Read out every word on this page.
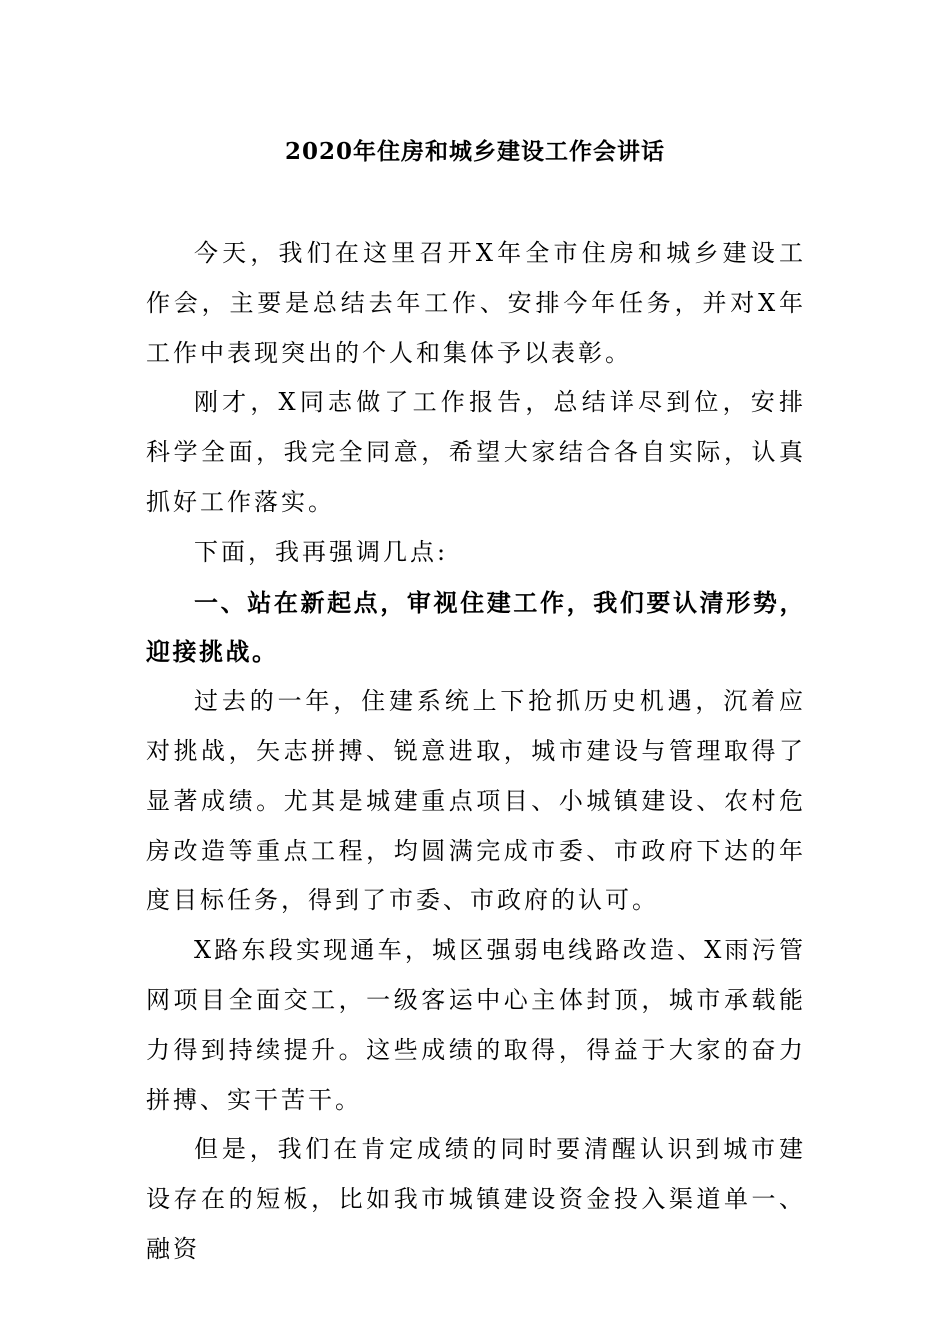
2020年住房和城乡建设工作会讲话

今天，我们在这里召开X年全市住房和城乡建设工作会，主要是总结去年工作、安排今年任务，并对X年工作中表现突出的个人和集体予以表彰。

刚才，X同志做了工作报告，总结详尽到位，安排科学全面，我完全同意，希望大家结合各自实际，认真抓好工作落实。

下面，我再强调几点:

一、站在新起点，审视住建工作，我们要认清形势，迎接挑战。

过去的一年，住建系统上下抢抓历史机遇，沉着应对挑战，矢志拼搏、锐意进取，城市建设与管理取得了显著成绩。尤其是城建重点项目、小城镇建设、农村危房改造等重点工程，均圆满完成市委、市政府下达的年度目标任务，得到了市委、市政府的认可。

X路东段实现通车，城区强弱电线路改造、X雨污管网项目全面交工，一级客运中心主体封顶，城市承载能力得到持续提升。这些成绩的取得，得益于大家的奋力拼搏、实干苦干。

但是，我们在肯定成绩的同时要清醒认识到城市建设存在的短板，比如我市城镇建设资金投入渠道单一、融资
